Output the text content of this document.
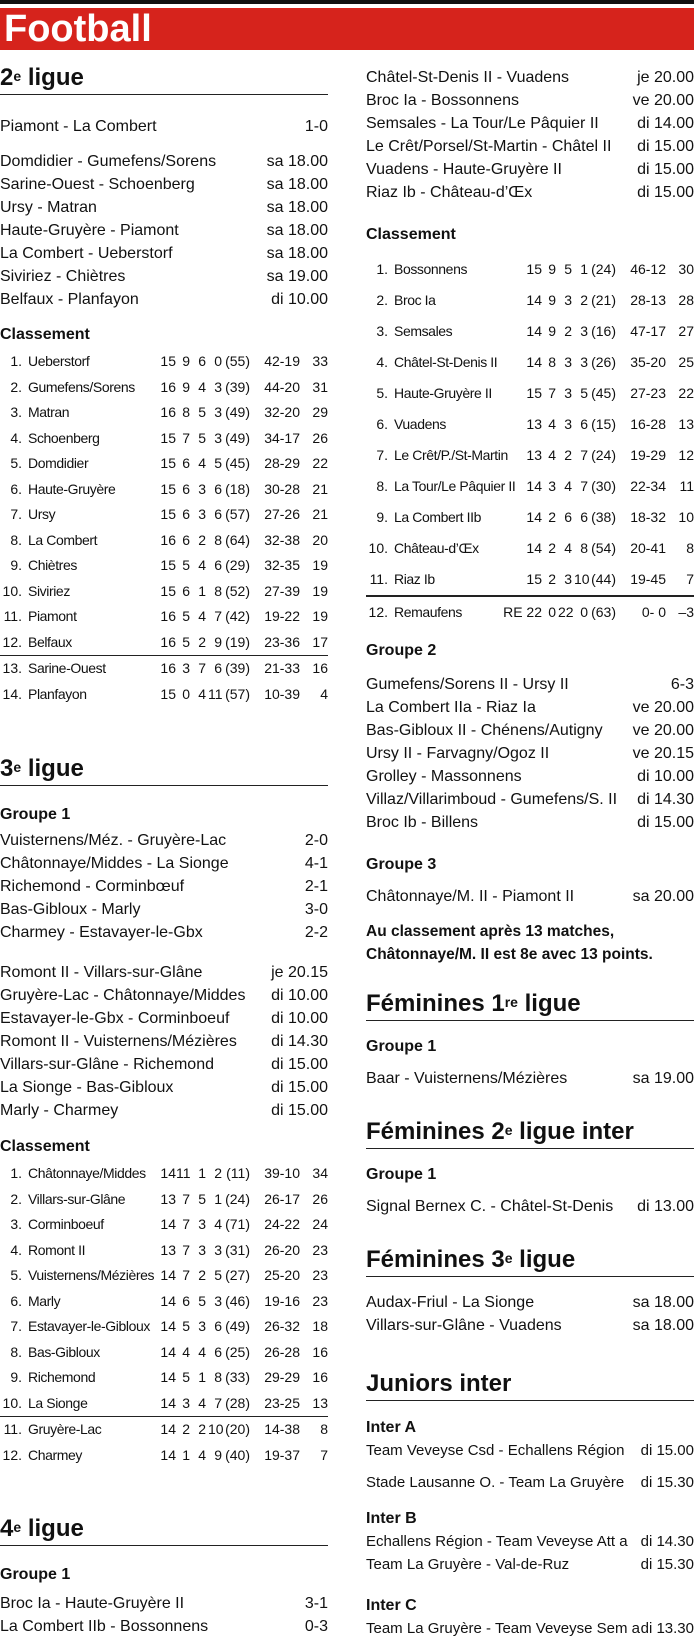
Football
2e ligue
Piamont - La Combert	1-0
Domdidier - Gumefens/Sorens	sa 18.00
Sarine-Ouest - Schoenberg	sa 18.00
Ursy - Matran	sa 18.00
Haute-Gruyère - Piamont	sa 18.00
La Combert - Ueberstorf	sa 18.00
Siviriez - Chiètres	sa 19.00
Belfaux - Planfayon	di 10.00
Classement
1. Ueberstorf	15 9 6 0 (55)	42-19 33
2. Gumefens/Sorens	16 9 4 3 (39)	44-20 31
3. Matran	16 8 5 3 (49)	32-20 29
4. Schoenberg	15 7 5 3 (49)	34-17 26
5. Domdidier	15 6 4 5 (45)	28-29 22
6. Haute-Gruyère	15 6 3 6 (18)	30-28 21
7. Ursy	15 6 3 6 (57)	27-26 21
8. La Combert	16 6 2 8 (64)	32-38 20
9. Chiètres	15 5 4 6 (29)	32-35 19
10. Siviriez	15 6 1 8 (52)	27-39 19
11. Piamont	16 5 4 7 (42)	19-22 19
12. Belfaux	16 5 2 9 (19)	23-36 17
13. Sarine-Ouest	16 3 7 6 (39)	21-33 16
14. Planfayon	15 0 4 11 (57)	10-39	4
3e ligue
Groupe 1
Vuisternens/Méz. - Gruyère-Lac	2-0
Châtonnaye/Middes - La Sionge	4-1
Richemond - Corminbœuf	2-1
Bas-Gibloux - Marly	3-0
Charmey - Estavayer-le-Gbx	2-2
Romont II - Villars-sur-Glâne	je 20.15
Gruyère-Lac - Châtonnaye/Middes di 10.00
Estavayer-le-Gbx - Corminboeuf	di 10.00
Romont II - Vuisternens/Mézières di 14.30
Villars-sur-Glâne - Richemond	di 15.00
La Sionge - Bas-Gibloux	di 15.00
Marly - Charmey	di 15.00
Classement
1. Châtonnaye/Middes	14 11 1 2 (11)	39-10 34
2. Villars-sur-Glâne	13 7 5 1 (24)	26-17 26
3. Corminboeuf	14 7 3 4 (71)	24-22 24
4. Romont II	13 7 3 3 (31)	26-20 23
5. Vuisternens/Mézières 14 7 2 5 (27)	25-20 23
6. Marly	14 6 5 3 (46)	19-16 23
7. Estavayer-le-Gibloux 14 5 3 6 (49)	26-32 18
8. Bas-Gibloux	14 4 4 6 (25)	26-28 16
9. Richemond	14 5 1 8 (33)	29-29 16
10. La Sionge	14 3 4 7 (28)	23-25 13
11. Gruyère-Lac	14 2 2 10 (20)	14-38	8
12. Charmey	14 1 4 9 (40)	19-37	7
4e ligue
Groupe 1
Broc Ia - Haute-Gruyère II	3-1
La Combert IIb - Bossonnens	0-3
Châtel-St-Denis II - Vuadens	je 20.00
Broc Ia - Bossonnens	ve 20.00
Semsales - La Tour/Le Pâquier II di 14.00
Le Crêt/Porsel/St-Martin - Châtel II di 15.00
Vuadens - Haute-Gruyère II	di 15.00
Riaz Ib - Château-d’Œx	di 15.00
Classement
1. Bossonnens	15 9 5 1 (24)	46-12 30
2. Broc Ia	14 9 3 2 (21)	28-13 28
3. Semsales	14 9 2 3 (16)	47-17 27
4. Châtel-St-Denis II	14 8 3 3 (26)	35-20 25
5. Haute-Gruyère II	15 7 3 5 (45)	27-23 22
6. Vuadens	13 4 3 6 (15)	16-28 13
7. Le Crêt/P./St-Martin	13 4 2 7 (24)	19-29 12
8. La Tour/Le Pâquier II 14 3 4 7 (30)	22-34 11
9. La Combert IIb	14 2 6 6 (38)	18-32 10
10. Château-d’Œx	14 2 4 8 (54)	20-41	8
11. Riaz Ib	15 2 3 10 (44)	19-45	7
12. Remaufens	RE 22 0 22 0 (63)	0- 0 –3
Groupe 2
Gumefens/Sorens II - Ursy II	6-3
La Combert IIa - Riaz Ia	ve 20.00
Bas-Gibloux II - Chénens/Autigny ve 20.00
Ursy II - Farvagny/Ogoz II	ve 20.15
Grolley - Massonnens	di 10.00
Villaz/Villarimboud - Gumefens/S. II di 14.30
Broc Ib - Billens	di 15.00
Groupe 3
Châtonnaye/M. II - Piamont II	sa 20.00
Au classement après 13 matches,
Châtonnaye/M. II est 8e avec 13 points.
Féminines 1re ligue
Groupe 1
Baar - Vuisternens/Mézières	sa 19.00
Féminines 2e ligue inter
Groupe 1
Signal Bernex C. - Châtel-St-Denis di 13.00
Féminines 3e ligue
Audax-Friul - La Sionge	sa 18.00
Villars-sur-Glâne - Vuadens	sa 18.00
Juniors inter
Inter A
Team Veveyse Csd - Echallens Région di 15.00
Stade Lausanne O. - Team La Gruyère di 15.30
Inter B
Echallens Région - Team Veveyse Att a di 14.30
Team La Gruyère - Val-de-Ruz	di 15.30
Inter C
Team La Gruyère - Team Veveyse Sem a di 13.30
